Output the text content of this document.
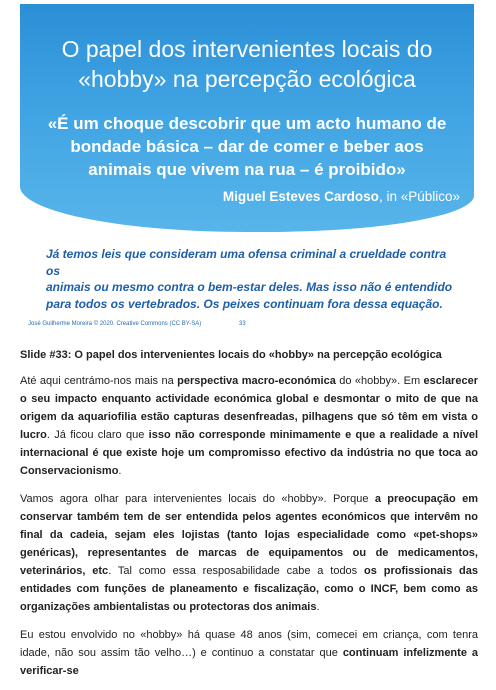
O papel dos intervenientes locais do
«hobby» na percepção ecológica

«É um choque descobrir que um acto humano de
bondade básica – dar de comer e beber aos
animais que vivem na rua – é proibido»

Miguel Esteves Cardoso, in «Público»

Já temos leis que consideram uma ofensa criminal a crueldade contra os
animais ou mesmo contra o bem-estar deles. Mas isso não é entendido
para todos os vertebrados. Os peixes continuam fora dessa equação.

José Guilherme Moreira © 2020. Creative Commons (CC BY-SA)	33

Slide #33: O papel dos intervenientes locais do «hobby» na percepção ecológica

Até aqui centrámo-nos mais na perspectiva macro-económica do «hobby». Em esclarecer o seu impacto enquanto actividade económica global e desmontar o mito de que na origem da aquariofilia estão capturas desenfreadas, pilhagens que só têm em vista o lucro. Já ficou claro que isso não corresponde minimamente e que a realidade a nível internacional é que existe hoje um compromisso efectivo da indústria no que toca ao Conservacionismo.

Vamos agora olhar para intervenientes locais do «hobby». Porque a preocupação em conservar também tem de ser entendida pelos agentes económicos que intervêm no final da cadeia, sejam eles lojistas (tanto lojas especialidade como «pet-shops» genéricas), representantes de marcas de equipamentos ou de medicamentos, veterinários, etc. Tal como essa resposabilidade cabe a todos os profissionais das entidades com funções de planeamento e fiscalização, como o INCF, bem como as organizações ambientalistas ou protectoras dos animais.

Eu estou envolvido no «hobby» há quase 48 anos (sim, comecei em criança, com tenra idade, não sou assim tão velho…) e continuo a constatar que continuam infelizmente a verificar-se
